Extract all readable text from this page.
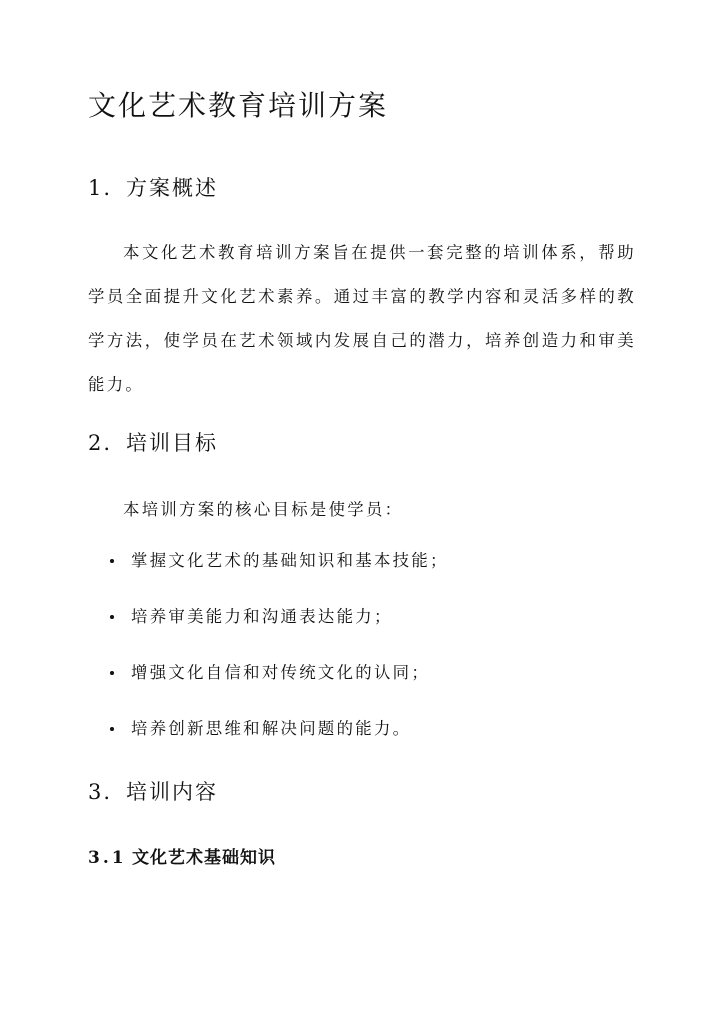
文化艺术教育培训方案
1. 方案概述

本文化艺术教育培训方案旨在提供一套完整的培训体系，帮助学员全面提升文化艺术素养。通过丰富的教学内容和灵活多样的教学方法，使学员在艺术领域内发展自己的潜力，培养创造力和审美能力。

2. 培训目标

本培训方案的核心目标是使学员：

掌握文化艺术的基础知识和基本技能；
培养审美能力和沟通表达能力；
增强文化自信和对传统文化的认同；
培养创新思维和解决问题的能力。
3. 培训内容
3.1 文化艺术基础知识
